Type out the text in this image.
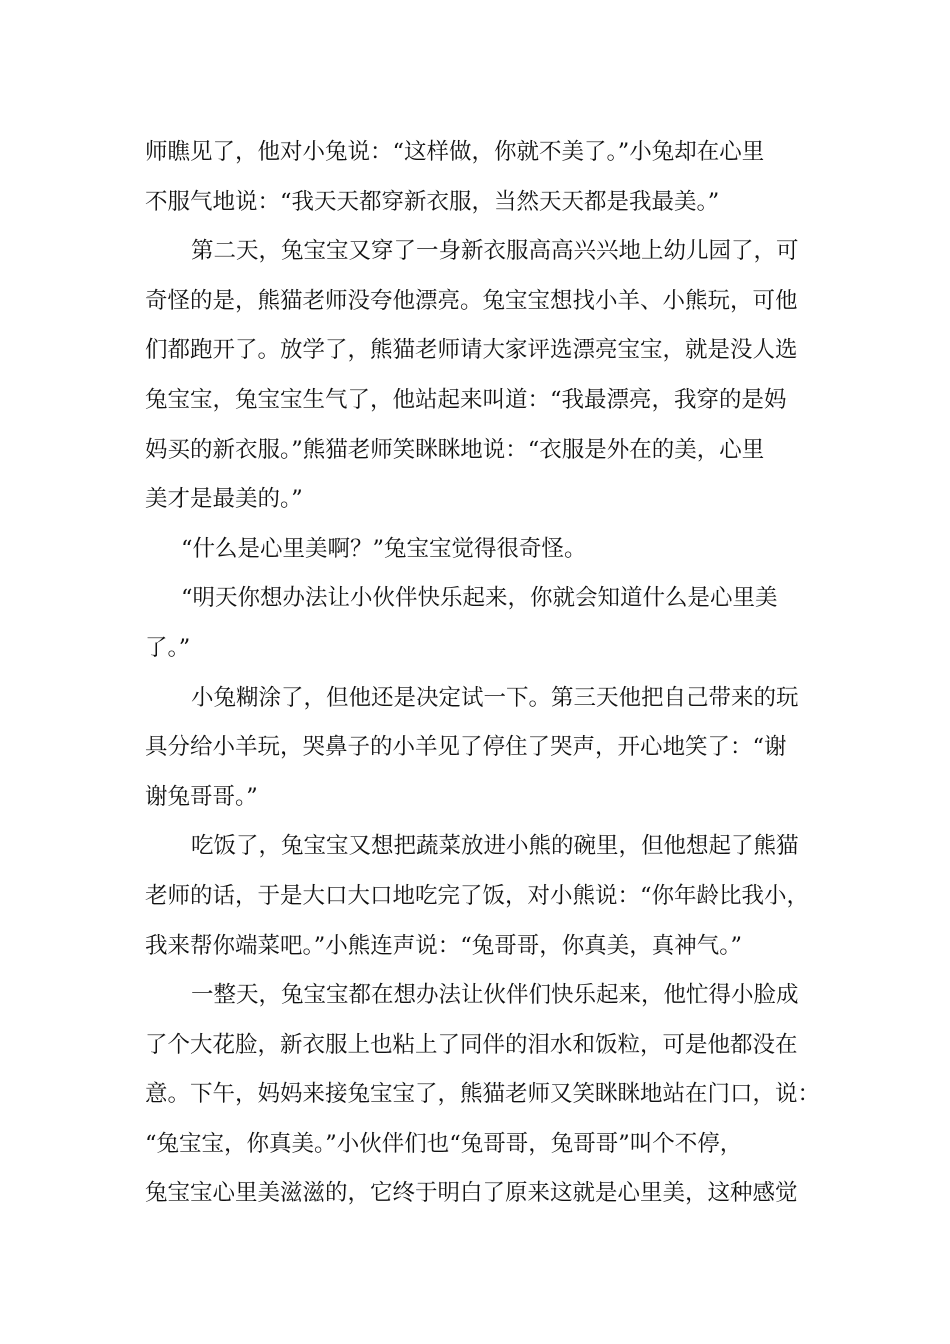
师瞧见了，他对小兔说：“这样做，你就不美了。”小兔却在心里
不服气地说：“我天天都穿新衣服，当然天天都是我最美。”
第二天，兔宝宝又穿了一身新衣服高高兴兴地上幼儿园了，可
奇怪的是，熊猫老师没夸他漂亮。兔宝宝想找小羊、小熊玩，可他
们都跑开了。放学了，熊猫老师请大家评选漂亮宝宝，就是没人选
兔宝宝，兔宝宝生气了，他站起来叫道：“我最漂亮，我穿的是妈
妈买的新衣服。”熊猫老师笑眯眯地说：“衣服是外在的美，心里
美才是最美的。”
“什么是心里美啊？”兔宝宝觉得很奇怪。
“明天你想办法让小伙伴快乐起来，你就会知道什么是心里美
了。”
小兔糊涂了，但他还是决定试一下。第三天他把自己带来的玩
具分给小羊玩，哭鼻子的小羊见了停住了哭声，开心地笑了：“谢
谢兔哥哥。”
吃饭了，兔宝宝又想把蔬菜放进小熊的碗里，但他想起了熊猫
老师的话，于是大口大口地吃完了饭，对小熊说：“你年龄比我小，
我来帮你端菜吧。”小熊连声说：“兔哥哥，你真美，真神气。”
一整天，兔宝宝都在想办法让伙伴们快乐起来，他忙得小脸成
了个大花脸，新衣服上也粘上了同伴的泪水和饭粒，可是他都没在
意。下午，妈妈来接兔宝宝了，熊猫老师又笑眯眯地站在门口，说：
“兔宝宝，你真美。”小伙伴们也“兔哥哥，兔哥哥”叫个不停，
兔宝宝心里美滋滋的，它终于明白了原来这就是心里美，这种感觉
